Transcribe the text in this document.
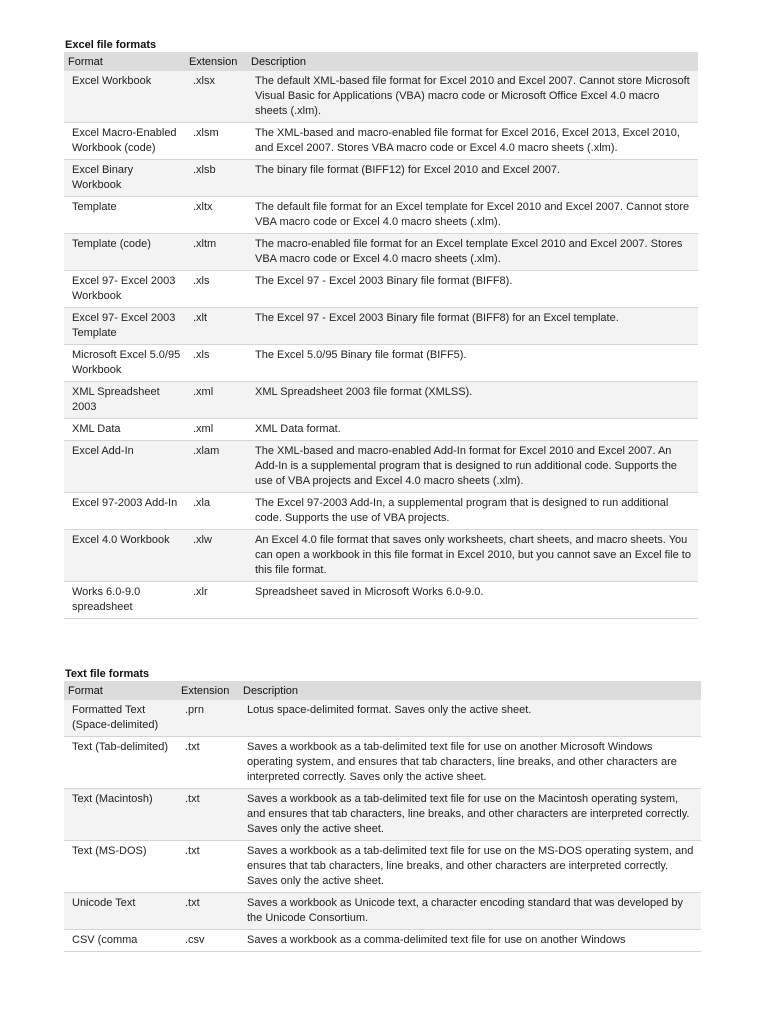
Excel file formats
Format	Extension	Description
Excel Workbook	.xlsx	The default XML-based file format for Excel 2010 and Excel 2007. Cannot store Microsoft Visual Basic for Applications (VBA) macro code or Microsoft Office Excel 4.0 macro sheets (.xlm).
Excel Macro-Enabled Workbook (code)	.xlsm	The XML-based and macro-enabled file format for Excel 2016, Excel 2013, Excel 2010, and Excel 2007. Stores VBA macro code or Excel 4.0 macro sheets (.xlm).
Excel Binary Workbook	.xlsb	The binary file format (BIFF12) for Excel 2010 and Excel 2007.
Template	.xltx	The default file format for an Excel template for Excel 2010 and Excel 2007. Cannot store VBA macro code or Excel 4.0 macro sheets (.xlm).
Template (code)	.xltm	The macro-enabled file format for an Excel template Excel 2010 and Excel 2007. Stores VBA macro code or Excel 4.0 macro sheets (.xlm).
Excel 97- Excel 2003 Workbook	.xls	The Excel 97 - Excel 2003 Binary file format (BIFF8).
Excel 97- Excel 2003 Template	.xlt	The Excel 97 - Excel 2003 Binary file format (BIFF8) for an Excel template.
Microsoft Excel 5.0/95 Workbook	.xls	The Excel 5.0/95 Binary file format (BIFF5).
XML Spreadsheet 2003	.xml	XML Spreadsheet 2003 file format (XMLSS).
XML Data	.xml	XML Data format.
Excel Add-In	.xlam	The XML-based and macro-enabled Add-In format for Excel 2010 and Excel 2007. An Add-In is a supplemental program that is designed to run additional code. Supports the use of VBA projects and Excel 4.0 macro sheets (.xlm).
Excel 97-2003 Add-In	.xla	The Excel 97-2003 Add-In, a supplemental program that is designed to run additional code. Supports the use of VBA projects.
Excel 4.0 Workbook	.xlw	An Excel 4.0 file format that saves only worksheets, chart sheets, and macro sheets. You can open a workbook in this file format in Excel 2010, but you cannot save an Excel file to this file format.
Works 6.0-9.0 spreadsheet	.xlr	Spreadsheet saved in Microsoft Works 6.0-9.0.
Text file formats
Format	Extension	Description
Formatted Text (Space-delimited)	.prn	Lotus space-delimited format. Saves only the active sheet.
Text (Tab-delimited)	.txt	Saves a workbook as a tab-delimited text file for use on another Microsoft Windows operating system, and ensures that tab characters, line breaks, and other characters are interpreted correctly. Saves only the active sheet.
Text (Macintosh)	.txt	Saves a workbook as a tab-delimited text file for use on the Macintosh operating system, and ensures that tab characters, line breaks, and other characters are interpreted correctly. Saves only the active sheet.
Text (MS-DOS)	.txt	Saves a workbook as a tab-delimited text file for use on the MS-DOS operating system, and ensures that tab characters, line breaks, and other characters are interpreted correctly. Saves only the active sheet.
Unicode Text	.txt	Saves a workbook as Unicode text, a character encoding standard that was developed by the Unicode Consortium.
CSV (comma	.csv	Saves a workbook as a comma-delimited text file for use on another Windows
